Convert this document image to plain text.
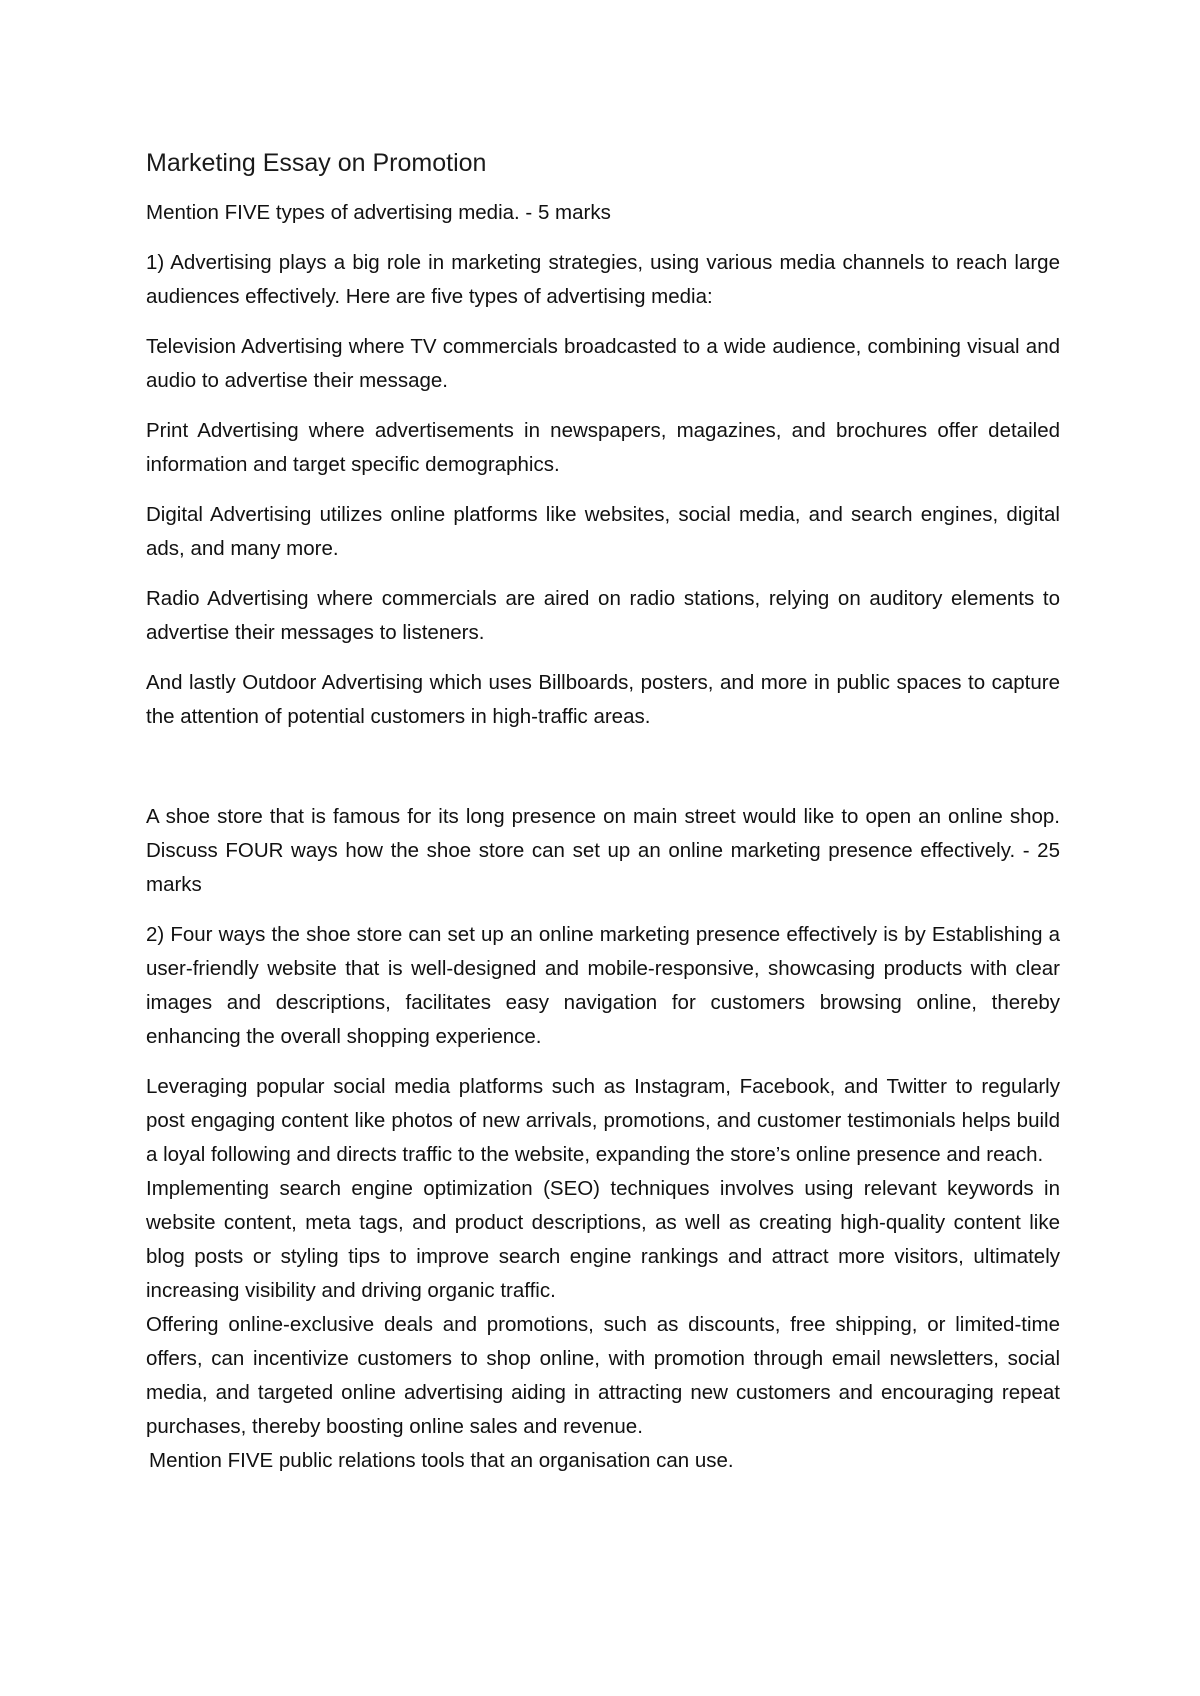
Marketing Essay on Promotion

Mention FIVE types of advertising media. - 5 marks

1) Advertising plays a big role in marketing strategies, using various media channels to reach large audiences effectively. Here are five types of advertising media:

Television Advertising where TV commercials broadcasted to a wide audience, combining visual and audio to advertise their message.

Print Advertising where advertisements in newspapers, magazines, and brochures offer detailed information and target specific demographics.

Digital Advertising utilizes online platforms like websites, social media, and search engines, digital ads, and many more.

Radio Advertising where commercials are aired on radio stations, relying on auditory elements to advertise their messages to listeners.

And lastly Outdoor Advertising which uses Billboards, posters, and more in public spaces to capture the attention of potential customers in high-traffic areas.

A shoe store that is famous for its long presence on main street would like to open an online shop. Discuss FOUR ways how the shoe store can set up an online marketing presence effectively. - 25 marks

2) Four ways the shoe store can set up an online marketing presence effectively is by Establishing a user-friendly website that is well-designed and mobile-responsive, showcasing products with clear images and descriptions, facilitates easy navigation for customers browsing online, thereby enhancing the overall shopping experience.

Leveraging popular social media platforms such as Instagram, Facebook, and Twitter to regularly post engaging content like photos of new arrivals, promotions, and customer testimonials helps build a loyal following and directs traffic to the website, expanding the store’s online presence and reach.

Implementing search engine optimization (SEO) techniques involves using relevant keywords in website content, meta tags, and product descriptions, as well as creating high-quality content like blog posts or styling tips to improve search engine rankings and attract more visitors, ultimately increasing visibility and driving organic traffic.

Offering online-exclusive deals and promotions, such as discounts, free shipping, or limited-time offers, can incentivize customers to shop online, with promotion through email newsletters, social media, and targeted online advertising aiding in attracting new customers and encouraging repeat purchases, thereby boosting online sales and revenue.

Mention FIVE public relations tools that an organisation can use.
